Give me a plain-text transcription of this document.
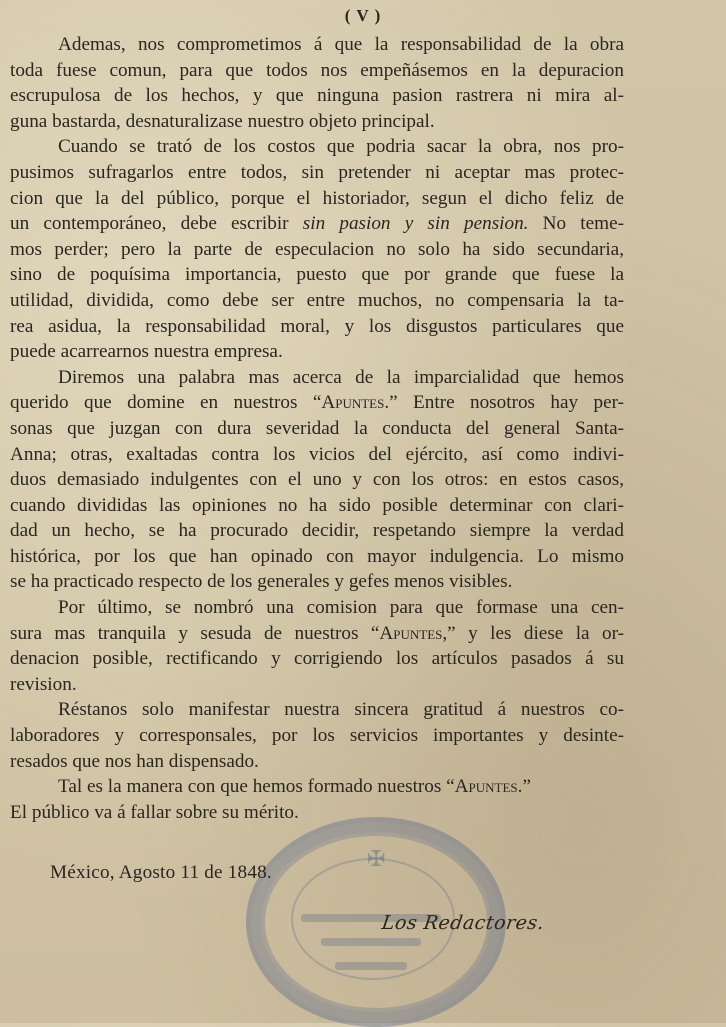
( V )
Ademas, nos comprometimos á que la responsabilidad de la obra
toda fuese comun, para que todos nos empeñásemos en la depuracion
escrupulosa de los hechos, y que ninguna pasion rastrera ni mira al-
guna bastarda, desnaturalizase nuestro objeto principal.
Cuando se trató de los costos que podria sacar la obra, nos pro-
pusimos sufragarlos entre todos, sin pretender ni aceptar mas protec-
cion que la del público, porque el historiador, segun el dicho feliz de
un contemporáneo, debe escribir sin pasion y sin pension. No teme-
mos perder; pero la parte de especulacion no solo ha sido secundaria,
sino de poquísima importancia, puesto que por grande que fuese la
utilidad, dividida, como debe ser entre muchos, no compensaria la ta-
rea asidua, la responsabilidad moral, y los disgustos particulares que
puede acarrearnos nuestra empresa.
Diremos una palabra mas acerca de la imparcialidad que hemos
querido que domine en nuestros “Apuntes.” Entre nosotros hay per-
sonas que juzgan con dura severidad la conducta del general Santa-
Anna; otras, exaltadas contra los vicios del ejército, así como indivi-
duos demasiado indulgentes con el uno y con los otros: en estos casos,
cuando divididas las opiniones no ha sido posible determinar con clari-
dad un hecho, se ha procurado decidir, respetando siempre la verdad
histórica, por los que han opinado con mayor indulgencia. Lo mismo
se ha practicado respecto de los generales y gefes menos visibles.
Por último, se nombró una comision para que formase una cen-
sura mas tranquila y sesuda de nuestros “Apuntes,” y les diese la or-
denacion posible, rectificando y corrigiendo los artículos pasados á su
revision.
Réstanos solo manifestar nuestra sincera gratitud á nuestros co-
laboradores y corresponsales, por los servicios importantes y desinte-
resados que nos han dispensado.
Tal es la manera con que hemos formado nuestros “Apuntes.”
El público va á fallar sobre su mérito.
✠
México, Agosto 11 de 1848.
Los Redactores.
